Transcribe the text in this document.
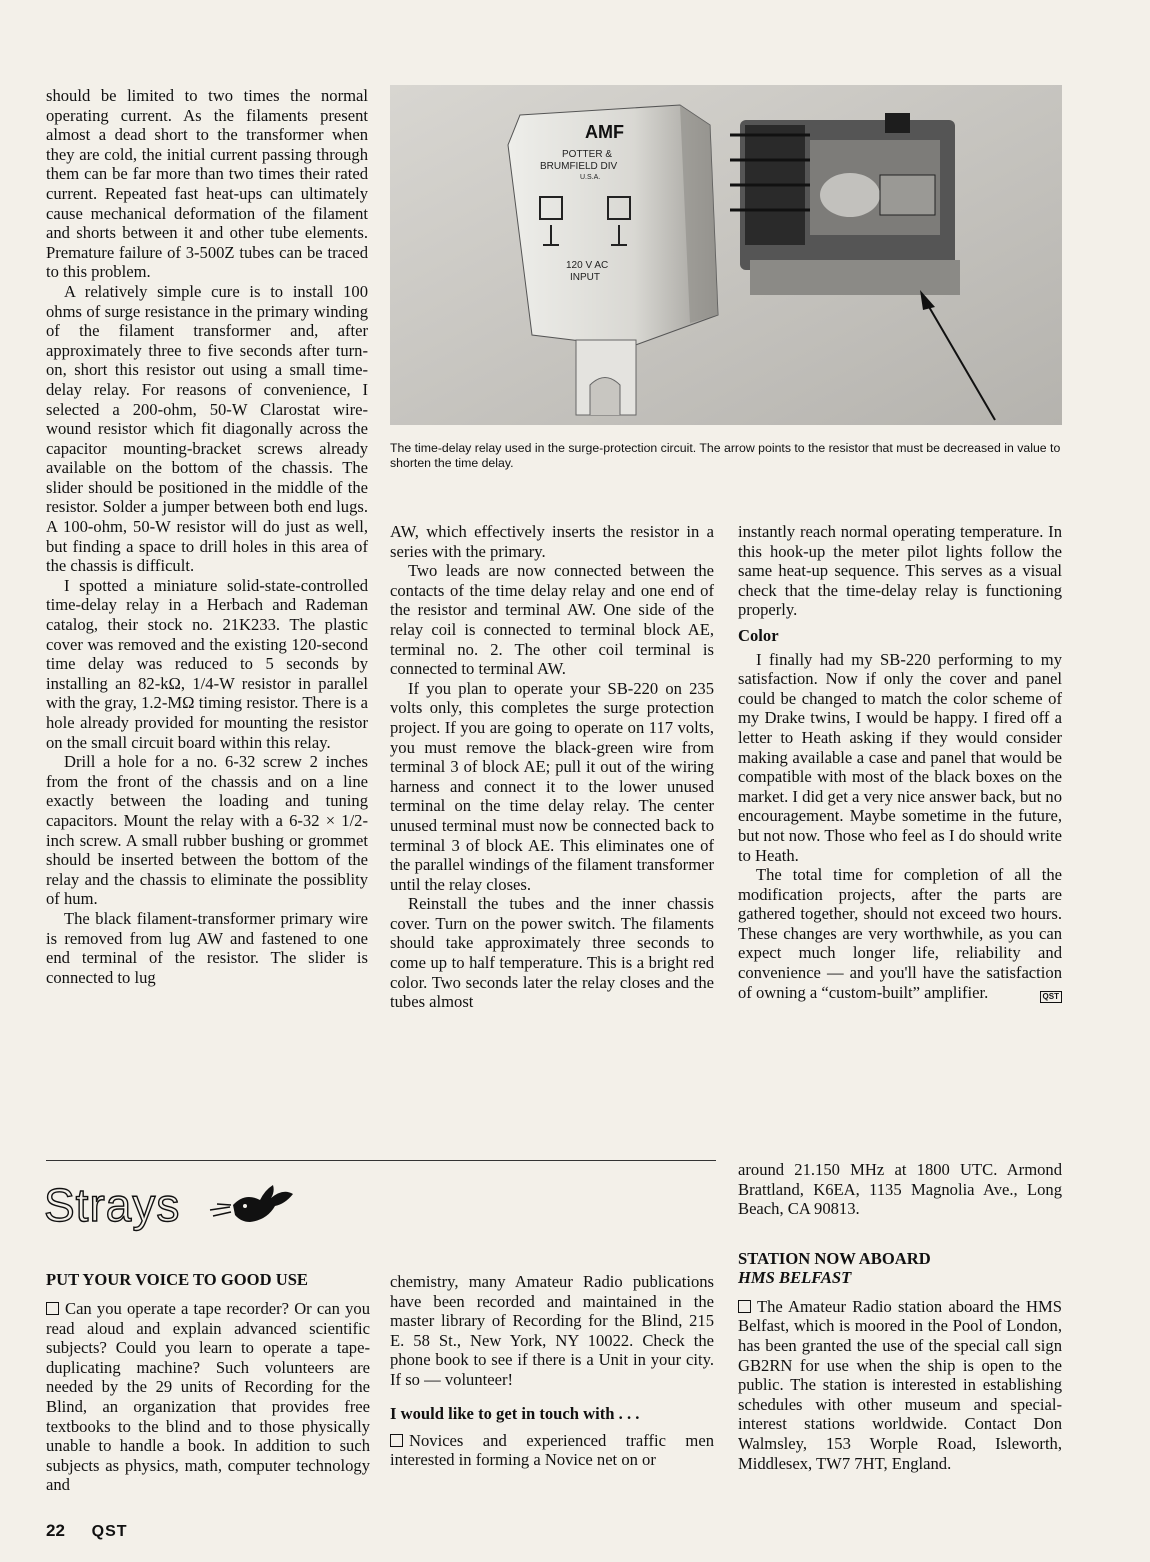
should be limited to two times the normal operating current. As the filaments present almost a dead short to the transformer when they are cold, the initial current passing through them can be far more than two times their rated current. Repeated fast heat-ups can ultimately cause mechanical deformation of the filament and shorts between it and other tube elements. Premature failure of 3-500Z tubes can be traced to this problem.

A relatively simple cure is to install 100 ohms of surge resistance in the primary winding of the filament transformer and, after approximately three to five seconds after turn-on, short this resistor out using a small time-delay relay. For reasons of convenience, I selected a 200-ohm, 50-W Clarostat wire-wound resistor which fit diagonally across the capacitor mounting-bracket screws already available on the bottom of the chassis. The slider should be positioned in the middle of the resistor. Solder a jumper between both end lugs. A 100-ohm, 50-W resistor will do just as well, but finding a space to drill holes in this area of the chassis is difficult.

I spotted a miniature solid-state-controlled time-delay relay in a Herbach and Rademan catalog, their stock no. 21K233. The plastic cover was removed and the existing 120-second time delay was reduced to 5 seconds by installing an 82-kΩ, 1/4-W resistor in parallel with the gray, 1.2-MΩ timing resistor. There is a hole already provided for mounting the resistor on the small circuit board within this relay.

Drill a hole for a no. 6-32 screw 2 inches from the front of the chassis and on a line exactly between the loading and tuning capacitors. Mount the relay with a 6-32 × 1/2-inch screw. A small rubber bushing or grommet should be inserted between the bottom of the relay and the chassis to eliminate the possiblity of hum.

The black filament-transformer primary wire is removed from lug AW and fastened to one end terminal of the resistor. The slider is connected to lug

AMF
POTTER &
BRUMFIELD DIV
U.S.A.
120 V AC
INPUT
The time-delay relay used in the surge-protection circuit. The arrow points to the resistor that must be decreased in value to shorten the time delay.

AW, which effectively inserts the resistor in a series with the primary.

Two leads are now connected between the contacts of the time delay relay and one end of the resistor and terminal AW. One side of the relay coil is connected to terminal block AE, terminal no. 2. The other coil terminal is connected to terminal AW.

If you plan to operate your SB-220 on 235 volts only, this completes the surge protection project. If you are going to operate on 117 volts, you must remove the black-green wire from terminal 3 of block AE; pull it out of the wiring harness and connect it to the lower unused terminal on the time delay relay. The center unused terminal must now be connected back to terminal 3 of block AE. This eliminates one of the parallel windings of the filament transformer until the relay closes.

Reinstall the tubes and the inner chassis cover. Turn on the power switch. The filaments should take approximately three seconds to come up to half temperature. This is a bright red color. Two seconds later the relay closes and the tubes almost

instantly reach normal operating temperature. In this hook-up the meter pilot lights follow the same heat-up sequence. This serves as a visual check that the time-delay relay is functioning properly.

Color

I finally had my SB-220 performing to my satisfaction. Now if only the cover and panel could be changed to match the color scheme of my Drake twins, I would be happy. I fired off a letter to Heath asking if they would consider making available a case and panel that would be compatible with most of the black boxes on the market. I did get a very nice answer back, but no encouragement. Maybe sometime in the future, but not now. Those who feel as I do should write to Heath.

The total time for completion of all the modification projects, after the parts are gathered together, should not exceed two hours. These changes are very worthwhile, as you can expect much longer life, reliability and convenience — and you'll have the satisfaction of owning a “custom-built” amplifier.	QST
Strays
PUT YOUR VOICE TO GOOD USE

Can you operate a tape recorder? Or can you read aloud and explain advanced scientific subjects? Could you learn to operate a tape-duplicating machine? Such volunteers are needed by the 29 units of Recording for the Blind, an organization that provides free textbooks to the blind and to those physically unable to handle a book. In addition to such subjects as physics, math, computer technology and

chemistry, many Amateur Radio publications have been recorded and maintained in the master library of Recording for the Blind, 215 E. 58 St., New York, NY 10022. Check the phone book to see if there is a Unit in your city. If so — volunteer!

I would like to get in touch with . . .

Novices and experienced traffic men interested in forming a Novice net on or

around 21.150 MHz at 1800 UTC. Armond Brattland, K6EA, 1135 Magnolia Ave., Long Beach, CA 90813.

STATION NOW ABOARD
HMS BELFAST

The Amateur Radio station aboard the HMS Belfast, which is moored in the Pool of London, has been granted the use of the special call sign GB2RN for use when the ship is open to the public. The station is interested in establishing schedules with other museum and special-interest stations worldwide. Contact Don Walmsley, 153 Worple Road, Isleworth, Middlesex, TW7 7HT, England.

22 QST
